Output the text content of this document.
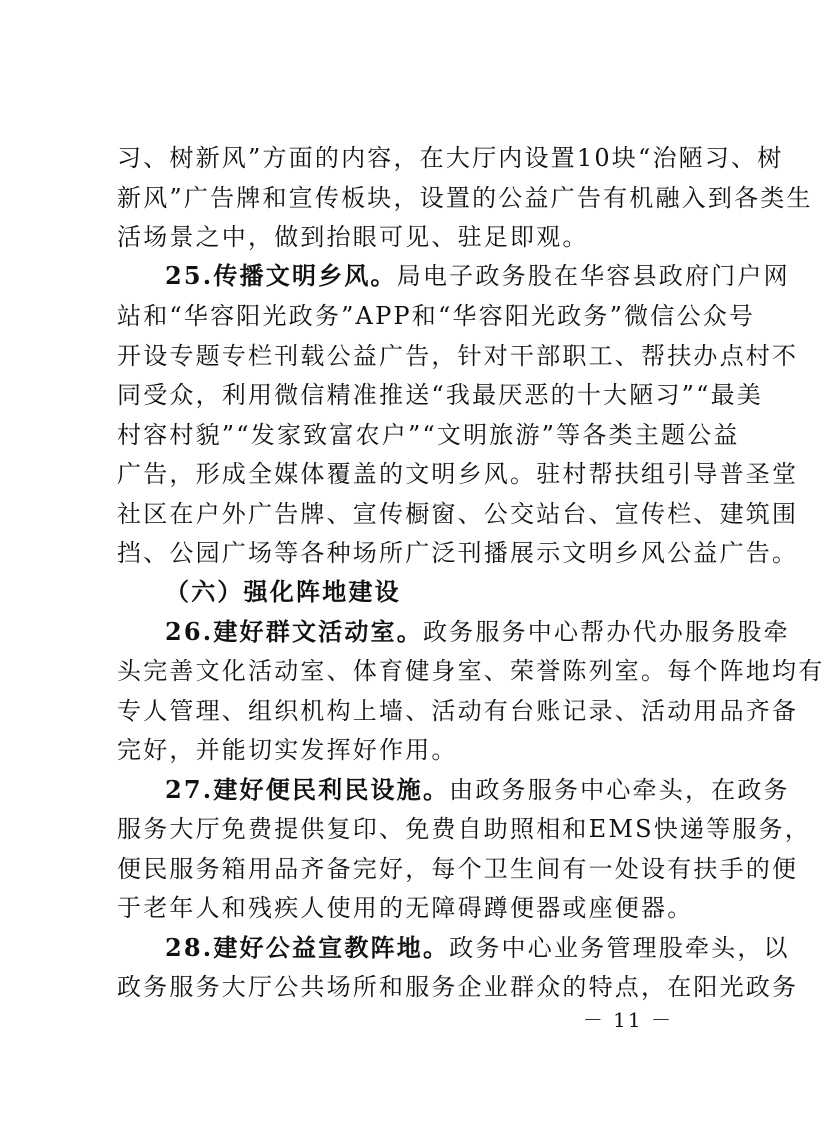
习、树新风”方面的内容，在大厅内设置10块“治陋习、树
新风”广告牌和宣传板块，设置的公益广告有机融入到各类生
活场景之中，做到抬眼可见、驻足即观。
25.传播文明乡风。局电子政务股在华容县政府门户网
站和“华容阳光政务”APP和“华容阳光政务”微信公众号
开设专题专栏刊载公益广告，针对干部职工、帮扶办点村不
同受众，利用微信精准推送“我最厌恶的十大陋习”“最美
村容村貌”“发家致富农户”“文明旅游”等各类主题公益
广告，形成全媒体覆盖的文明乡风。驻村帮扶组引导普圣堂
社区在户外广告牌、宣传橱窗、公交站台、宣传栏、建筑围
挡、公园广场等各种场所广泛刊播展示文明乡风公益广告。
（六）强化阵地建设
26.建好群文活动室。政务服务中心帮办代办服务股牵
头完善文化活动室、体育健身室、荣誉陈列室。每个阵地均有
专人管理、组织机构上墙、活动有台账记录、活动用品齐备
完好，并能切实发挥好作用。
27.建好便民利民设施。由政务服务中心牵头，在政务
服务大厅免费提供复印、免费自助照相和EMS快递等服务，
便民服务箱用品齐备完好，每个卫生间有一处设有扶手的便
于老年人和残疾人使用的无障碍蹲便器或座便器。
28.建好公益宣教阵地。政务中心业务管理股牵头，以
政务服务大厅公共场所和服务企业群众的特点，在阳光政务
－ 11 －
